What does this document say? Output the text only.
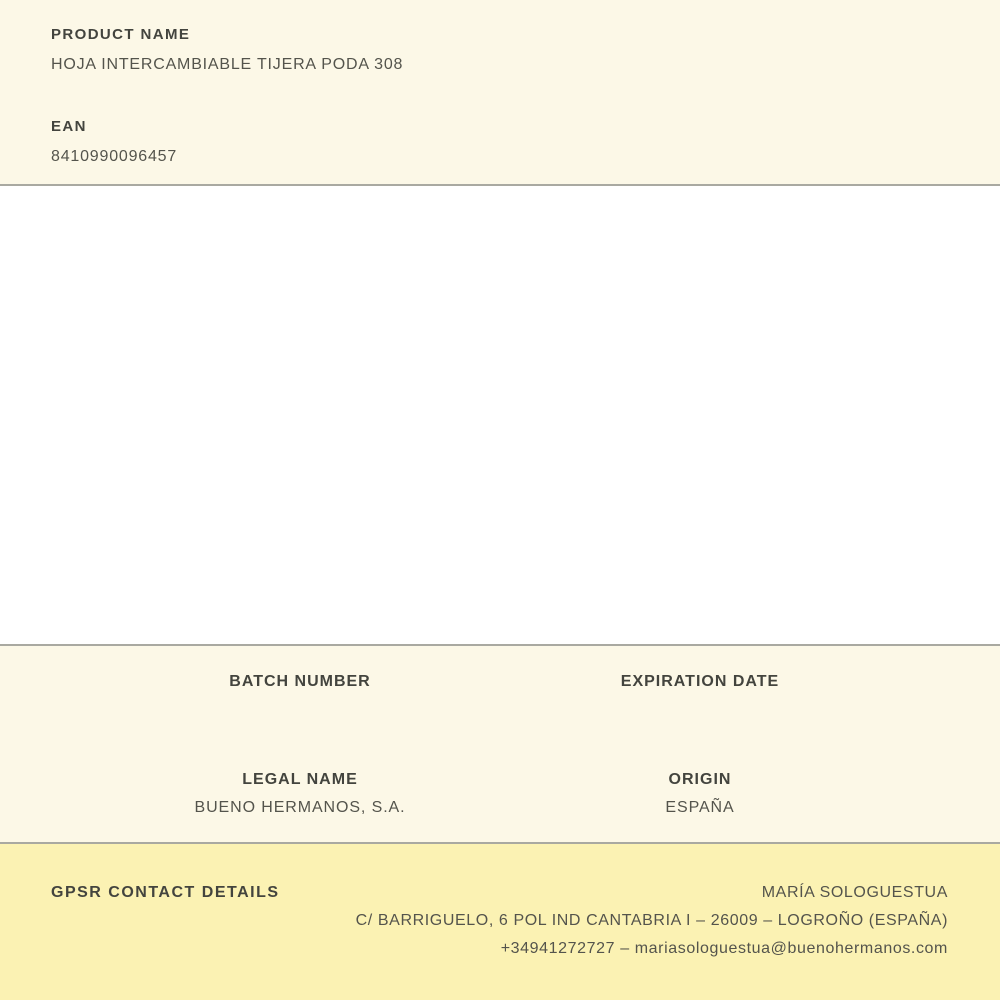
PRODUCT NAME
HOJA INTERCAMBIABLE TIJERA PODA 308
EAN
8410990096457
BATCH NUMBER	EXPIRATION DATE
LEGAL NAME
BUENO HERMANOS, S.A.
ORIGIN
ESPAÑA
GPSR CONTACT DETAILS	MARÍA SOLOGUESTUA
C/ BARRIGUELO, 6 POL IND CANTABRIA I – 26009 – LOGROÑO (ESPAÑA)
+34941272727 – mariasologuestua@buenohermanos.com
